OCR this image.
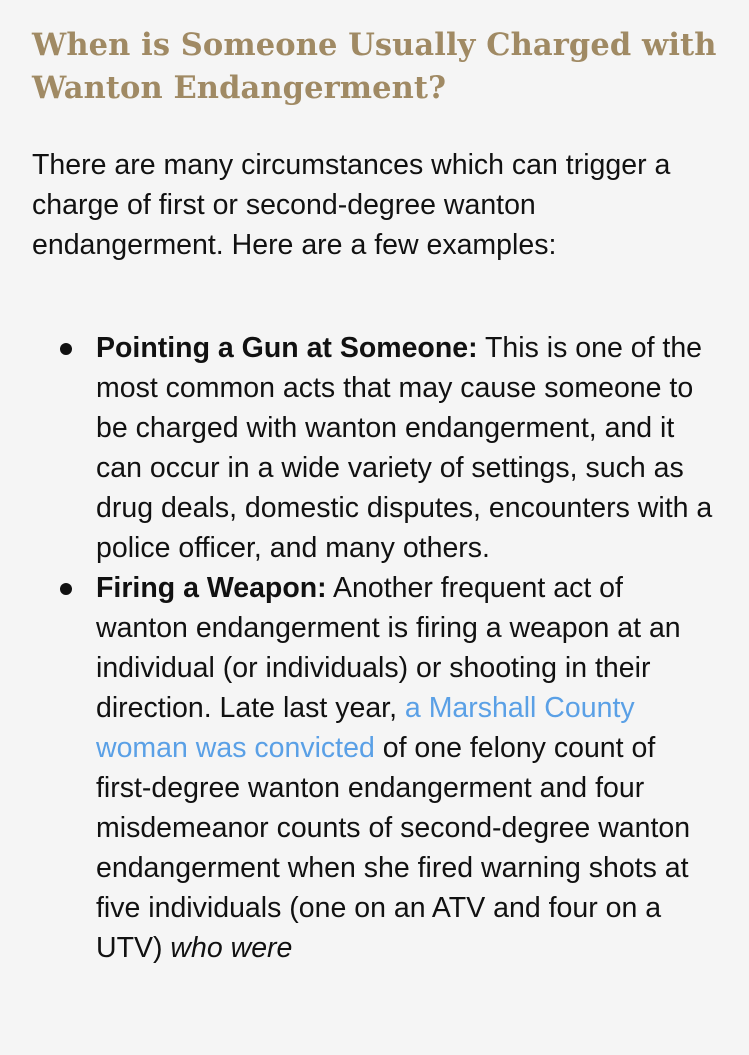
When is Someone Usually Charged with Wanton Endangerment?

There are many circumstances which can trigger a charge of first or second-degree wanton endangerment. Here are a few examples:

Pointing a Gun at Someone: This is one of the most common acts that may cause someone to be charged with wanton endangerment, and it can occur in a wide variety of settings, such as drug deals, domestic disputes, encounters with a police officer, and many others.
Firing a Weapon: Another frequent act of wanton endangerment is firing a weapon at an individual (or individuals) or shooting in their direction. Late last year, a Marshall County woman was convicted of one felony count of first-degree wanton endangerment and four misdemeanor counts of second-degree wanton endangerment when she fired warning shots at five individuals (one on an ATV and four on a UTV) who were
